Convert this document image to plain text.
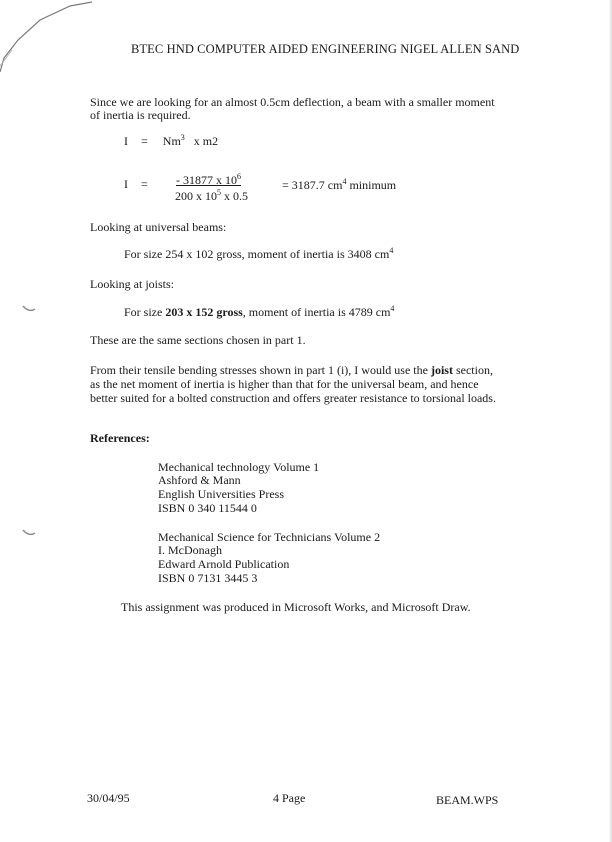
BTEC HND COMPUTER AIDED ENGINEERING NIGEL ALLEN SAND
Since we are looking for an almost 0.5cm deflection, a beam with a smaller moment
of inertia is required.
$I = Nm^3$ x m2
$I = \frac{- 31877 x 10^6}{200 x 10^5 x 0.5}$	= 3187.7 $cm^4$ minimum
Looking at universal beams:
For size 254 x 102 gross, moment of inertia is 3408 $cm^4$
Looking at joists:
For size 203 x 152 gross, moment of inertia is 4789 $cm^4$
These are the same sections chosen in part 1.
From their tensile bending stresses shown in part 1 (i), I would use the joist section,
as the net moment of inertia is higher than that for the universal beam, and hence
better suited for a bolted construction and offers greater resistance to torsional loads.
References:
Mechanical technology Volume 1
Ashford & Mann
English Universities Press
ISBN 0 340 11544 0
Mechanical Science for Technicians Volume 2
I. McDonagh
Edward Arnold Publication
ISBN 0 7131 3445 3
This assignment was produced in Microsoft Works, and Microsoft Draw.
30/04/95	4 Page	BEAM.WPS
